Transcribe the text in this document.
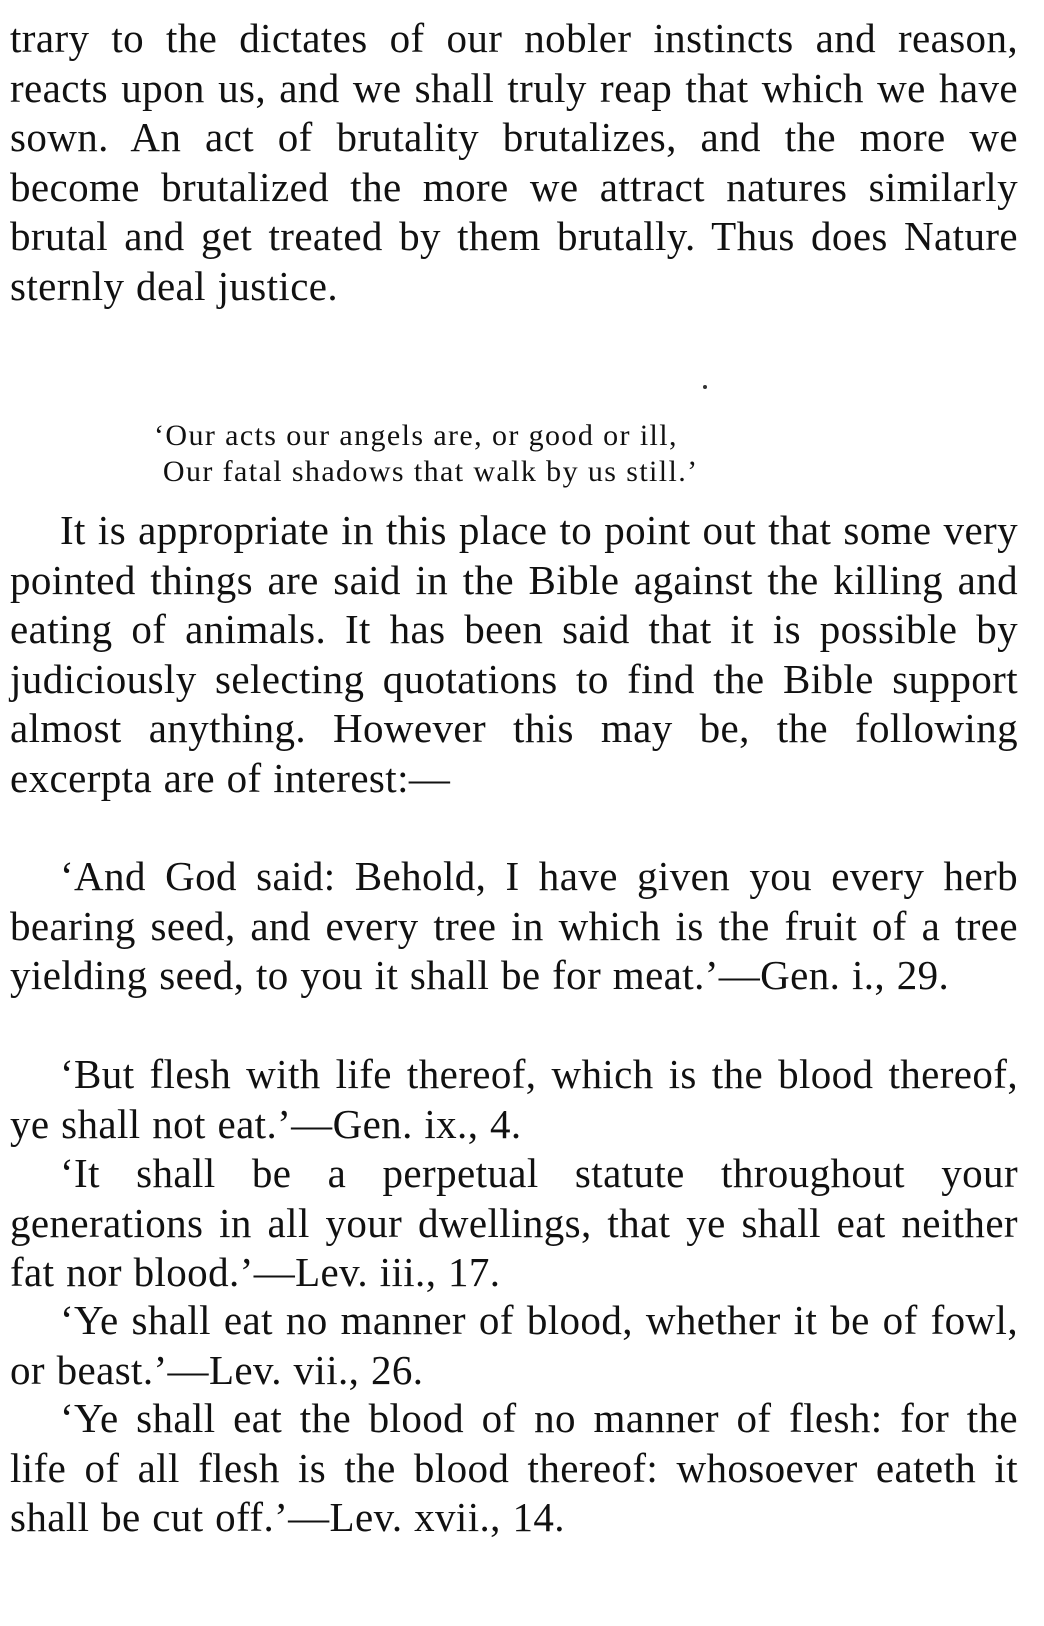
trary to the dictates of our nobler instincts and reason, reacts upon us, and we shall truly reap that which we have sown. An act of brutality brutalizes, and the more we become brutalized the more we attract natures similarly brutal and get treated by them brutally. Thus does Nature sternly deal justice.

‘Our acts our angels are, or good or ill,
Our fatal shadows that walk by us still.’

It is appropriate in this place to point out that some very pointed things are said in the Bible against the killing and eating of animals. It has been said that it is possible by judiciously selecting quotations to find the Bible support almost anything. However this may be, the following excerpta are of interest:—

‘And God said: Behold, I have given you every herb bearing seed, and every tree in which is the fruit of a tree yielding seed, to you it shall be for meat.’—Gen. i., 29.

‘But flesh with life thereof, which is the blood thereof, ye shall not eat.’—Gen. ix., 4.

‘It shall be a perpetual statute throughout your generations in all your dwellings, that ye shall eat neither fat nor blood.’—Lev. iii., 17.

‘Ye shall eat no manner of blood, whether it be of fowl, or beast.’—Lev. vii., 26.

‘Ye shall eat the blood of no manner of flesh: for the life of all flesh is the blood thereof: whosoever eateth it shall be cut off.’—Lev. xvii., 14.
